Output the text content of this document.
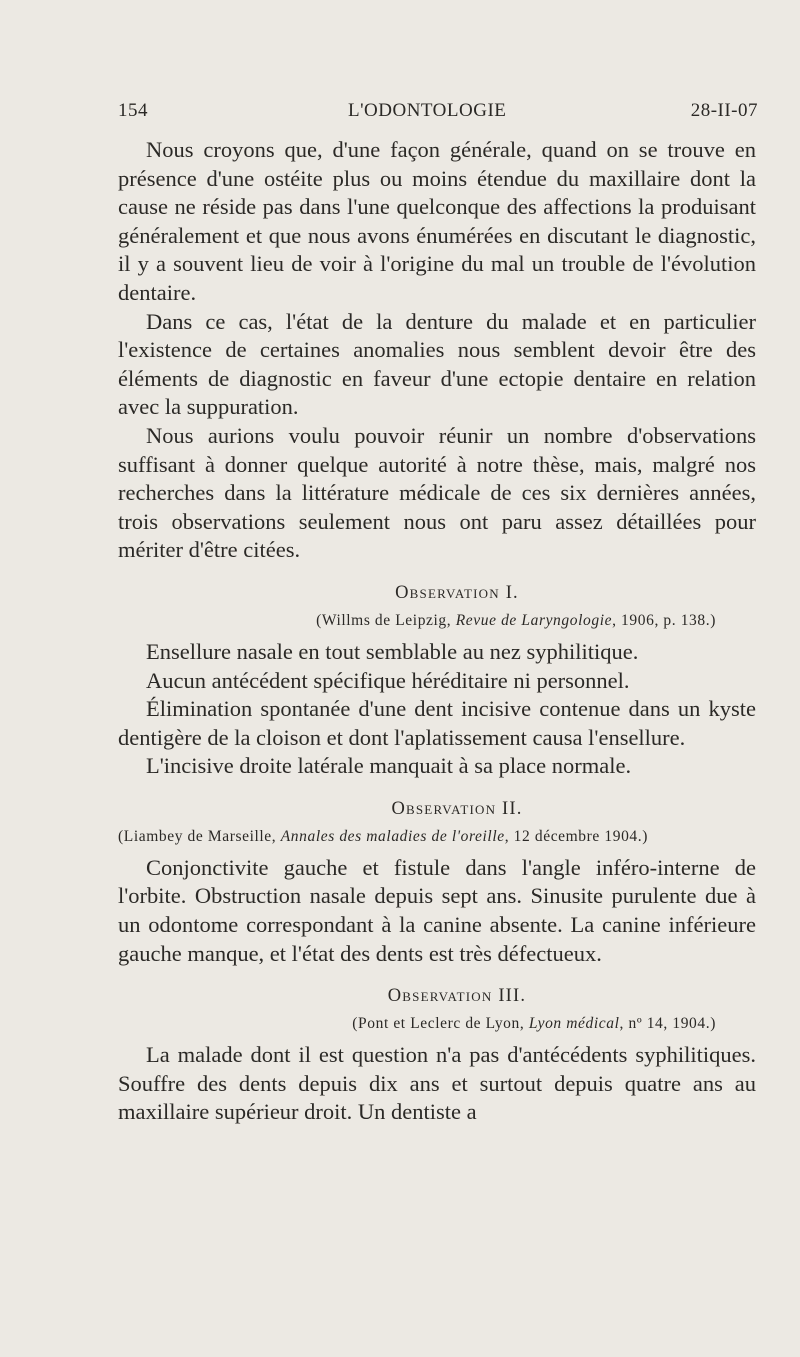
154	L'ODONTOLOGIE	28-II-07

Nous croyons que, d'une façon générale, quand on se trouve en présence d'une ostéite plus ou moins étendue du maxillaire dont la cause ne réside pas dans l'une quelconque des affections la produisant généralement et que nous avons énumérées en discutant le diagnostic, il y a souvent lieu de voir à l'origine du mal un trouble de l'évolution dentaire.

Dans ce cas, l'état de la denture du malade et en particulier l'existence de certaines anomalies nous semblent devoir être des éléments de diagnostic en faveur d'une ectopie dentaire en relation avec la suppuration.

Nous aurions voulu pouvoir réunir un nombre d'observations suffisant à donner quelque autorité à notre thèse, mais, malgré nos recherches dans la littérature médicale de ces six dernières années, trois observations seulement nous ont paru assez détaillées pour mériter d'être citées.

Observation I.
(Willms de Leipzig, Revue de Laryngologie, 1906, p. 138.)

Ensellure nasale en tout semblable au nez syphilitique.

Aucun antécédent spécifique héréditaire ni personnel.

Élimination spontanée d'une dent incisive contenue dans un kyste dentigère de la cloison et dont l'aplatissement causa l'ensellure.

L'incisive droite latérale manquait à sa place normale.

Observation II.
(Liambey de Marseille, Annales des maladies de l'oreille, 12 décembre 1904.)

Conjonctivite gauche et fistule dans l'angle inféro-interne de l'orbite. Obstruction nasale depuis sept ans. Sinusite purulente due à un odontome correspondant à la canine absente. La canine inférieure gauche manque, et l'état des dents est très défectueux.

Observation III.
(Pont et Leclerc de Lyon, Lyon médical, nº 14, 1904.)

La malade dont il est question n'a pas d'antécédents syphilitiques. Souffre des dents depuis dix ans et surtout depuis quatre ans au maxillaire supérieur droit. Un dentiste a
